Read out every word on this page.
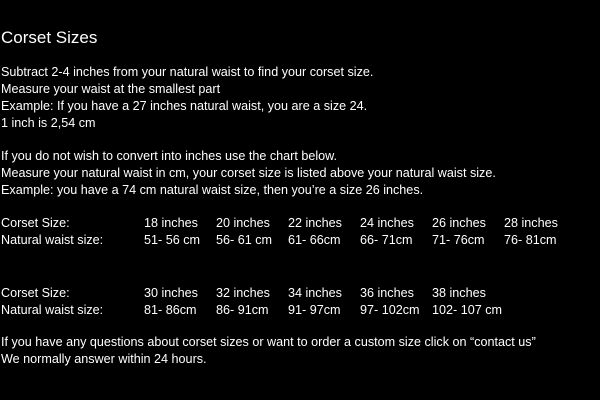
Corset Sizes
Subtract 2-4 inches from your natural waist to find your corset size.
Measure your waist at the smallest part
Example: If you have a 27 inches natural waist, you are a size 24.
1 inch is 2,54 cm
If you do not wish to convert into inches use the chart below.
Measure your natural waist in cm, your corset size is listed above your natural waist size.
Example: you have a 74 cm natural waist size, then you’re a size 26 inches.
Corset Size:	18 inches 20 inches 22 inches 24 inches 26 inches 28 inches
Natural waist size:	51- 56 cm 56- 61 cm 61- 66cm 66- 71cm 71- 76cm 76- 81cm
Corset Size:	30 inches 32 inches 34 inches 36 inches 38 inches
Natural waist size:	81- 86cm 86- 91cm 91- 97cm 97- 102cm 102- 107 cm
If you have any questions about corset sizes or want to order a custom size click on “contact us”
We normally answer within 24 hours.
